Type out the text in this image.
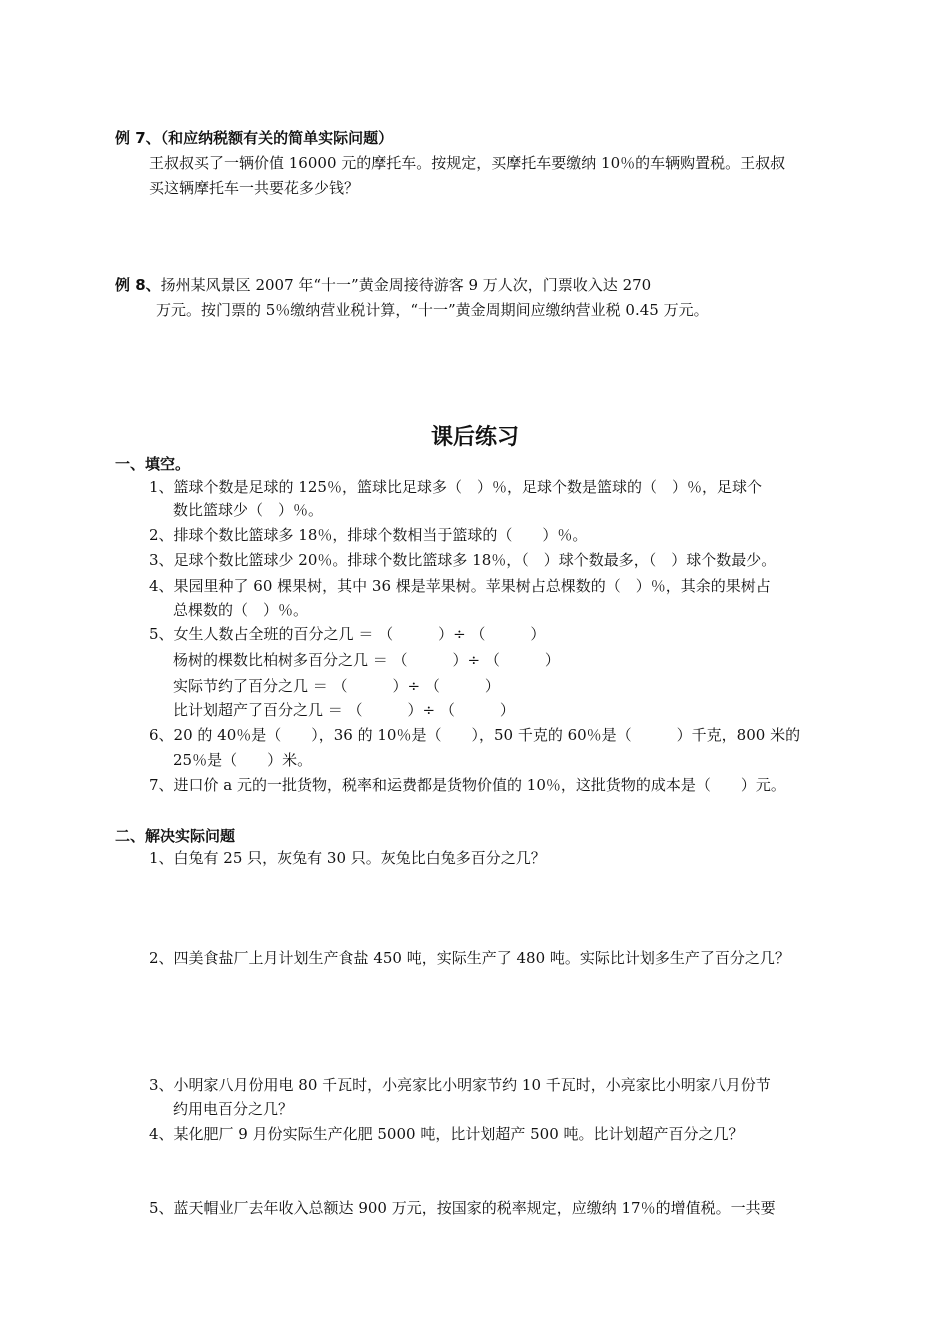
例 7、（和应纳税额有关的简单实际问题）
王叔叔买了一辆价值 16000 元的摩托车。按规定，买摩托车要缴纳 10％的车辆购置税。王叔叔
买这辆摩托车一共要花多少钱？
例 8、扬州某风景区 2007 年“十一”黄金周接待游客 9 万人次，门票收入达 270
万元。按门票的 5％缴纳营业税计算，“十一”黄金周期间应缴纳营业税 0.45 万元。
课后练习
一、填空。
1、篮球个数是足球的 125％，篮球比足球多（　）％，足球个数是篮球的（　）％，足球个
数比篮球少（　）％。
2、排球个数比篮球多 18％，排球个数相当于篮球的（　　）％。
3、足球个数比篮球少 20％。排球个数比篮球多 18％，（　）球个数最多，（　）球个数最少。
4、果园里种了 60 棵果树，其中 36 棵是苹果树。苹果树占总棵数的（　）％，其余的果树占
总棵数的（　）％。
5、女生人数占全班的百分之几 ＝ （　　　）÷ （　　　）
杨树的棵数比柏树多百分之几 ＝ （　　　）÷ （　　　）
实际节约了百分之几 ＝ （　　　）÷ （　　　）
比计划超产了百分之几 ＝ （　　　）÷ （　　　）
6、20 的 40％是（　　），36 的 10％是（　　），50 千克的 60％是（　　　）千克，800 米的
25％是（　　）米。
7、进口价 a 元的一批货物，税率和运费都是货物价值的 10％，这批货物的成本是（　　）元。
二、解决实际问题
1、白兔有 25 只，灰兔有 30 只。灰兔比白兔多百分之几？
2、四美食盐厂上月计划生产食盐 450 吨，实际生产了 480 吨。实际比计划多生产了百分之几？
3、小明家八月份用电 80 千瓦时，小亮家比小明家节约 10 千瓦时，小亮家比小明家八月份节
约用电百分之几？
4、某化肥厂 9 月份实际生产化肥 5000 吨，比计划超产 500 吨。比计划超产百分之几？
5、蓝天帽业厂去年收入总额达 900 万元，按国家的税率规定，应缴纳 17％的增值税。一共要
